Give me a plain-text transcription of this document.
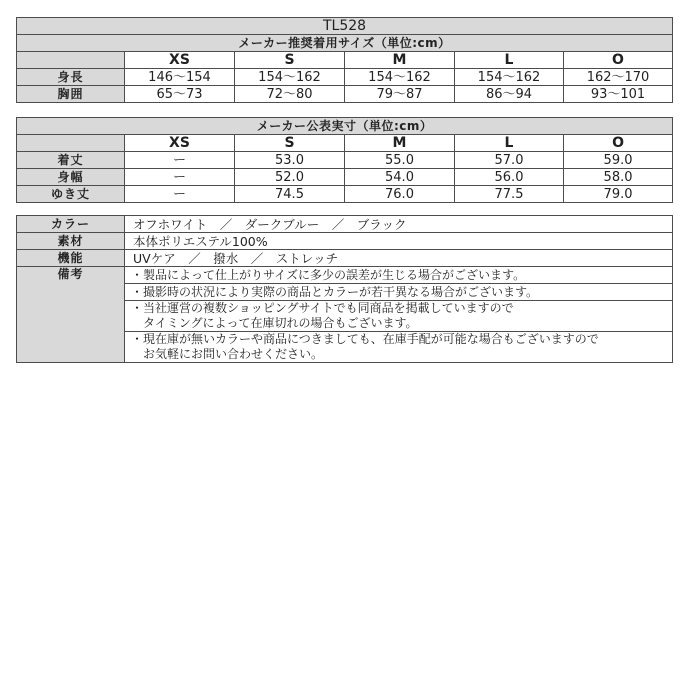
TL528					
メーカー推奨着用サイズ（単位:cm）					
	XS	S	M	L	O
身長	146～154	154～162	154～162	154～162	162～170
胸囲	65～73	72～80	79～87	86～94	93～101
メーカー公表実寸（単位:cm）					
	XS	S	M	L	O
着丈	ー	53.0	55.0	57.0	59.0
身幅	ー	52.0	54.0	56.0	58.0
ゆき丈	ー	74.5	76.0	77.5	79.0
カラー	オフホワイト　／　ダークブルー　／　ブラック
素材	本体ポリエステル100%
機能	UVケア　／　撥水　／　ストレッチ
備考	・製品によって仕上がりサイズに多少の誤差が生じる場合がございます。

	・撮影時の状況により実際の商品とカラーが若干異なる場合がございます。

	・当社運営の複数ショッピングサイトでも同商品を掲載していますので
　タイミングによって在庫切れの場合もございます。

	・現在庫が無いカラーや商品につきましても、在庫手配が可能な場合もございますので
　お気軽にお問い合わせください。
